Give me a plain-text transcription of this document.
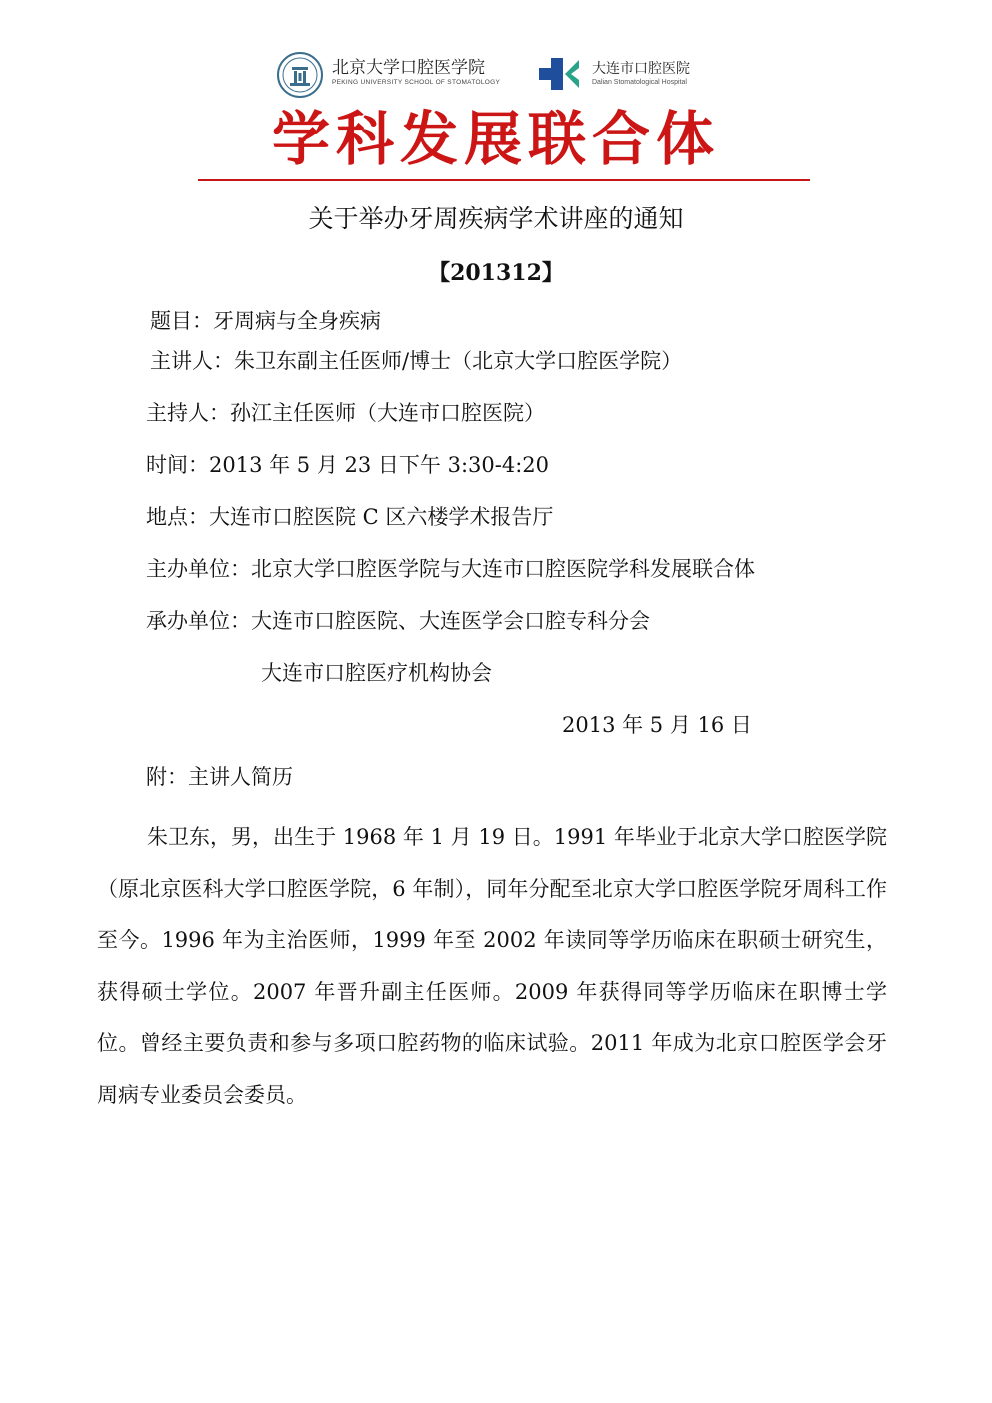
北京大学口腔医学院
PEKING UNIVERSITY SCHOOL OF STOMATOLOGY
大连市口腔医院
Dalian Stomatological Hospital
学科发展联合体
关于举办牙周疾病学术讲座的通知
【201312】
题目：牙周病与全身疾病
主讲人：朱卫东副主任医师/博士（北京大学口腔医学院）
主持人：孙江主任医师（大连市口腔医院）
时间：2013 年 5 月 23 日下午 3:30-4:20
地点：大连市口腔医院 C 区六楼学术报告厅
主办单位：北京大学口腔医学院与大连市口腔医院学科发展联合体
承办单位：大连市口腔医院、大连医学会口腔专科分会
大连市口腔医疗机构协会
2013 年 5 月 16 日
附：主讲人简历

朱卫东，男，出生于 1968 年 1 月 19 日。1991 年毕业于北京大学口腔医学院（原北京医科大学口腔医学院，6 年制），同年分配至北京大学口腔医学院牙周科工作至今。1996 年为主治医师，1999 年至 2002 年读同等学历临床在职硕士研究生，获得硕士学位。2007 年晋升副主任医师。2009 年获得同等学历临床在职博士学位。曾经主要负责和参与多项口腔药物的临床试验。2011 年成为北京口腔医学会牙周病专业委员会委员。
